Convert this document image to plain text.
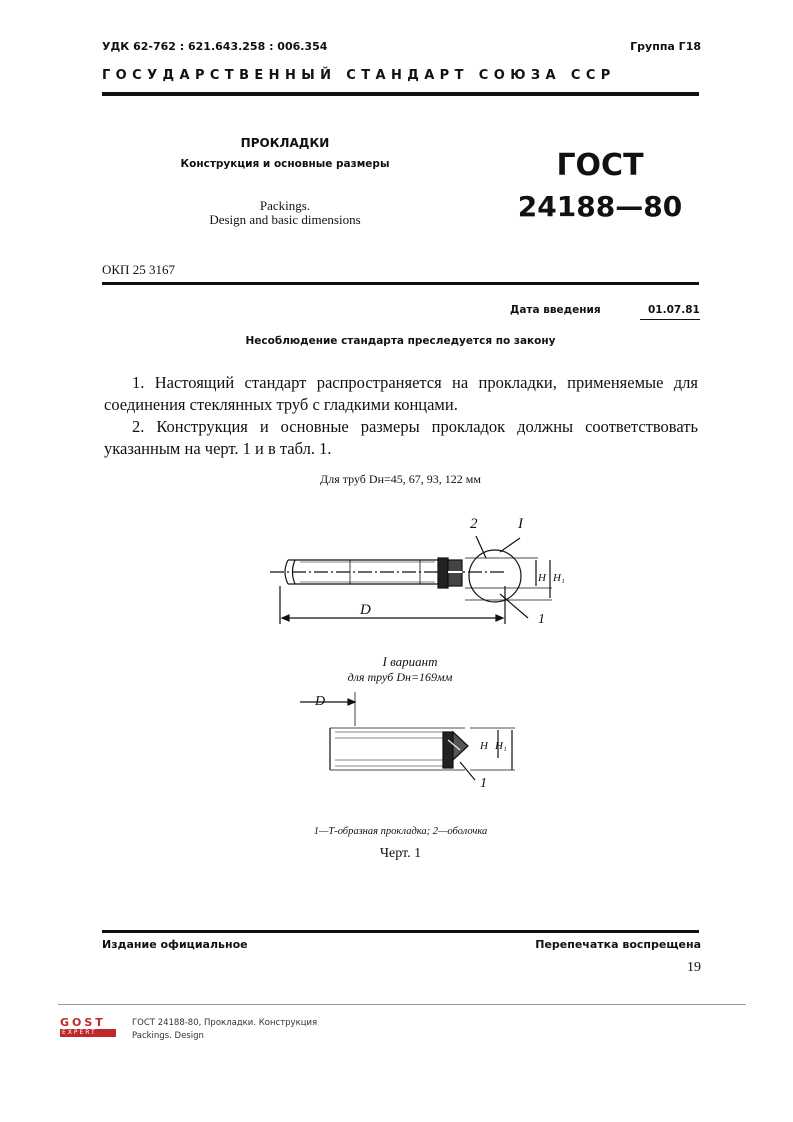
УДК 62-762 : 621.643.258 : 006.354	Группа Г18
ГОСУДАРСТВЕННЫЙ СТАНДАРТ СОЮЗА ССР
ПРОКЛАДКИ
Конструкция и основные размеры
Packings.
Design and basic dimensions
ГОСТ
24188—80
ОКП 25 3167
Дата введения	01.07.81
Несоблюдение стандарта преследуется по закону
1. Настоящий стандарт распространяется на прокладки, применяемые для соединения стеклянных труб с гладкими концами.
2. Конструкция и основные размеры прокладок должны соответствовать указанным на черт. 1 и в табл. 1.
Для труб Dн=45, 67, 93, 122 мм
2	I
H H₁
D
1
I вариант
для труб Dн=169мм
D
H H₁
1
1—Т-образная прокладка; 2—оболочка
Черт. 1
Издание официальное	Перепечатка воспрещена
19
GOST
EXPERT
ГОСТ 24188-80, Прокладки. Конструкция
Packings. Design
